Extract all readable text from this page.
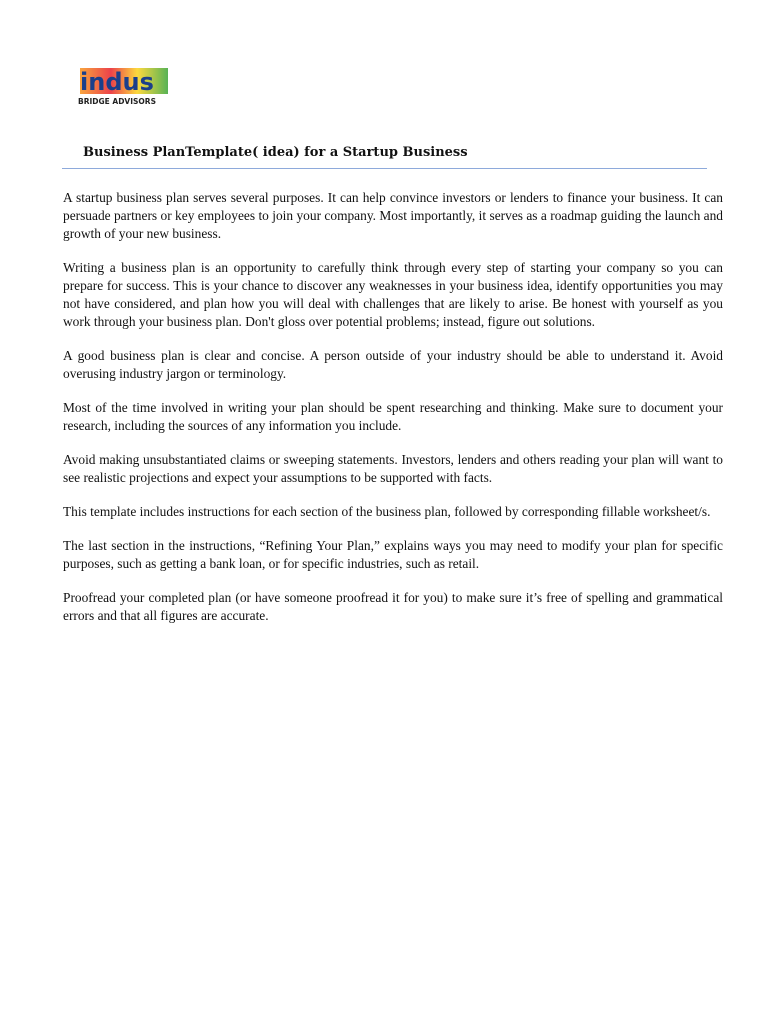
indus
BRIDGE ADVISORS
Business PlanTemplate( idea) for a Startup Business

A startup business plan serves several purposes. It can help convince investors or lenders to finance your business. It can persuade partners or key employees to join your company. Most importantly, it serves as a roadmap guiding the launch and growth of your new business.

Writing a business plan is an opportunity to carefully think through every step of starting your company so you can prepare for success. This is your chance to discover any weaknesses in your business idea, identify opportunities you may not have considered, and plan how you will deal with challenges that are likely to arise. Be honest with yourself as you work through your business plan. Don't gloss over potential problems; instead, figure out solutions.

A good business plan is clear and concise. A person outside of your industry should be able to understand it. Avoid overusing industry jargon or terminology.

Most of the time involved in writing your plan should be spent researching and thinking. Make sure to document your research, including the sources of any information you include.

Avoid making unsubstantiated claims or sweeping statements. Investors, lenders and others reading your plan will want to see realistic projections and expect your assumptions to be supported with facts.

This template includes instructions for each section of the business plan, followed by corresponding fillable worksheet/s.

The last section in the instructions, “Refining Your Plan,” explains ways you may need to modify your plan for specific purposes, such as getting a bank loan, or for specific industries, such as retail.

Proofread your completed plan (or have someone proofread it for you) to make sure it’s free of spelling and grammatical errors and that all figures are accurate.
